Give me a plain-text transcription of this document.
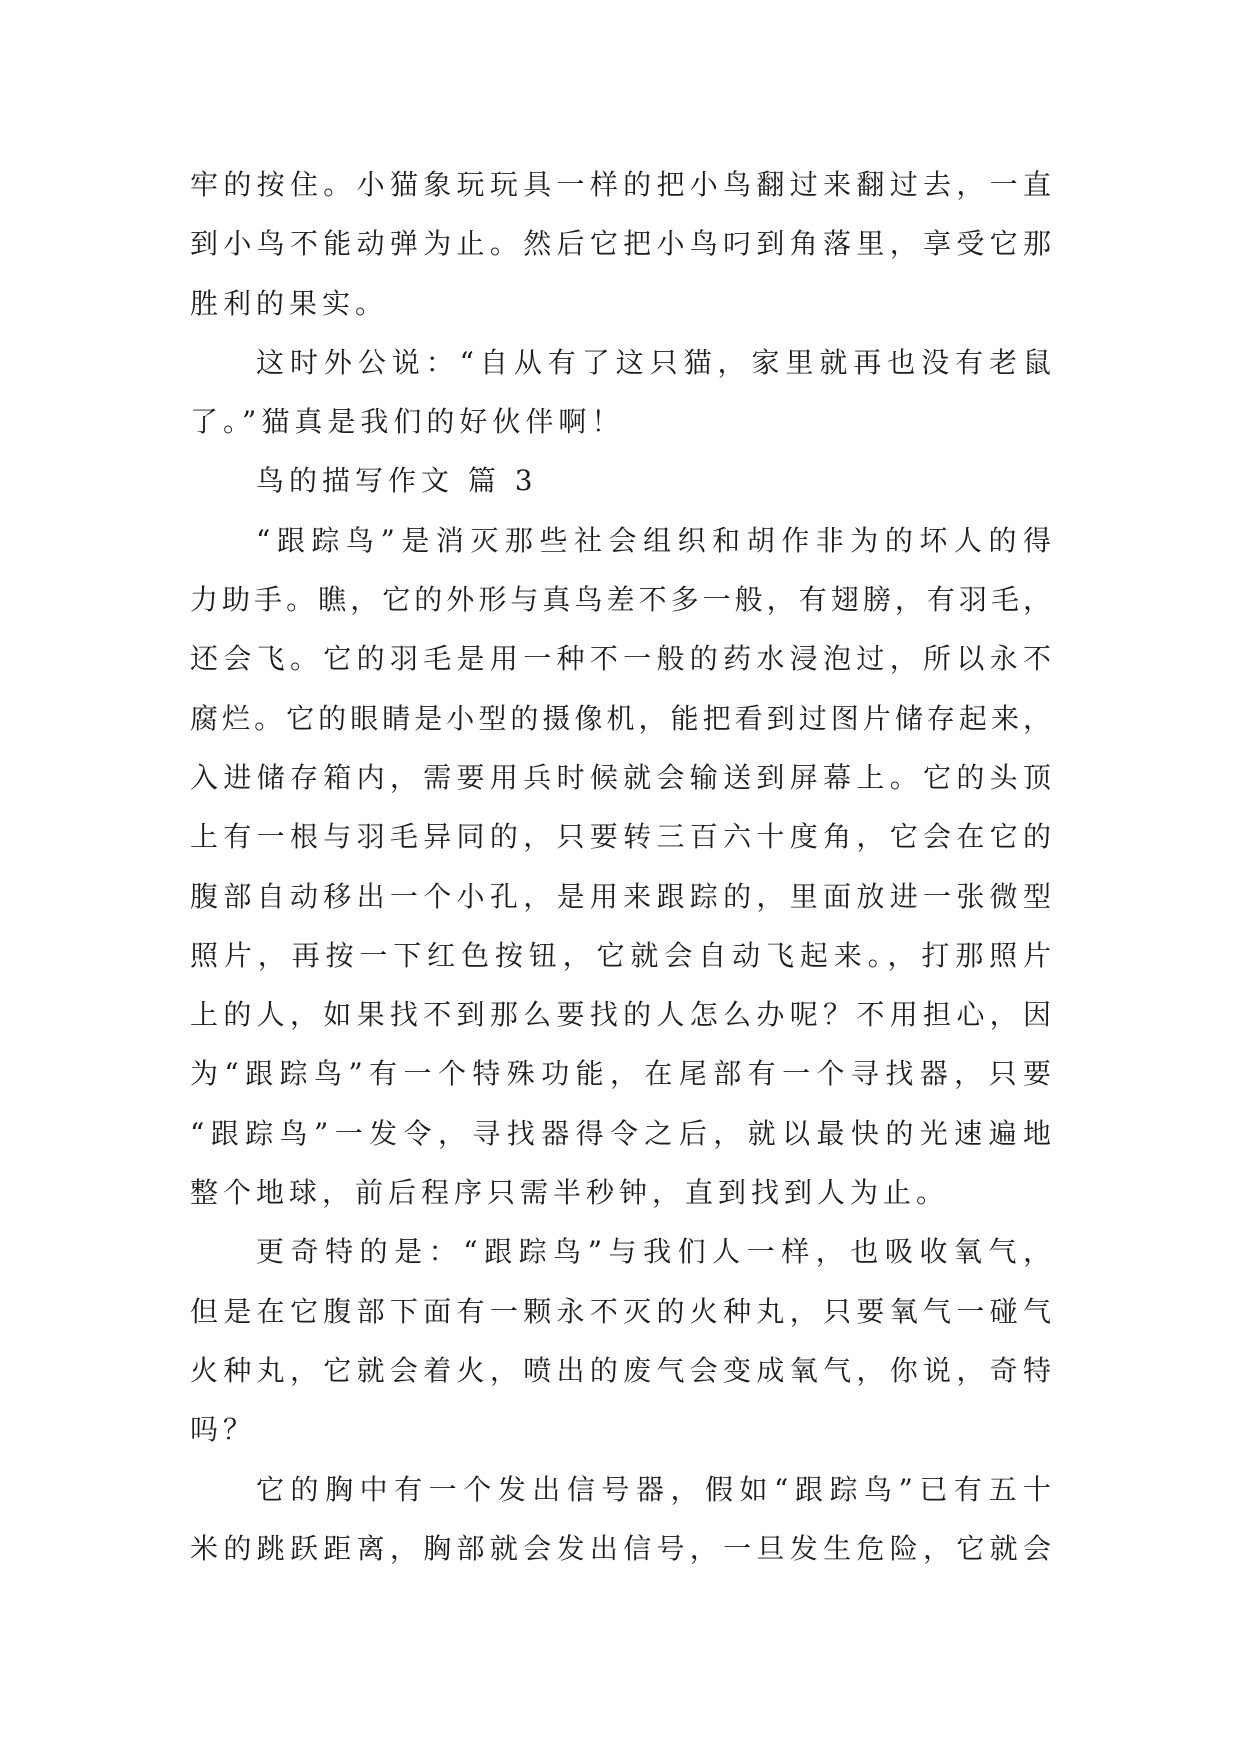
牢的按住。小猫象玩玩具一样的把小鸟翻过来翻过去，一直
到小鸟不能动弹为止。然后它把小鸟叼到角落里，享受它那
胜利的果实。
这时外公说：“自从有了这只猫，家里就再也没有老鼠
了。”猫真是我们的好伙伴啊！
鸟的描写作文 篇 3
“跟踪鸟”是消灭那些社会组织和胡作非为的坏人的得
力助手。瞧，它的外形与真鸟差不多一般，有翅膀，有羽毛，
还会飞。它的羽毛是用一种不一般的药水浸泡过，所以永不
腐烂。它的眼睛是小型的摄像机，能把看到过图片储存起来，
入进储存箱内，需要用兵时候就会输送到屏幕上。它的头顶
上有一根与羽毛异同的，只要转三百六十度角，它会在它的
腹部自动移出一个小孔，是用来跟踪的，里面放进一张微型
照片，再按一下红色按钮，它就会自动飞起来。，打那照片
上的人，如果找不到那么要找的人怎么办呢？不用担心，因
为“跟踪鸟”有一个特殊功能，在尾部有一个寻找器，只要
“跟踪鸟”一发令，寻找器得令之后，就以最快的光速遍地
整个地球，前后程序只需半秒钟，直到找到人为止。
更奇特的是：“跟踪鸟”与我们人一样，也吸收氧气，
但是在它腹部下面有一颗永不灭的火种丸，只要氧气一碰气
火种丸，它就会着火，喷出的废气会变成氧气，你说，奇特
吗？
它的胸中有一个发出信号器，假如“跟踪鸟”已有五十
米的跳跃距离，胸部就会发出信号，一旦发生危险，它就会
